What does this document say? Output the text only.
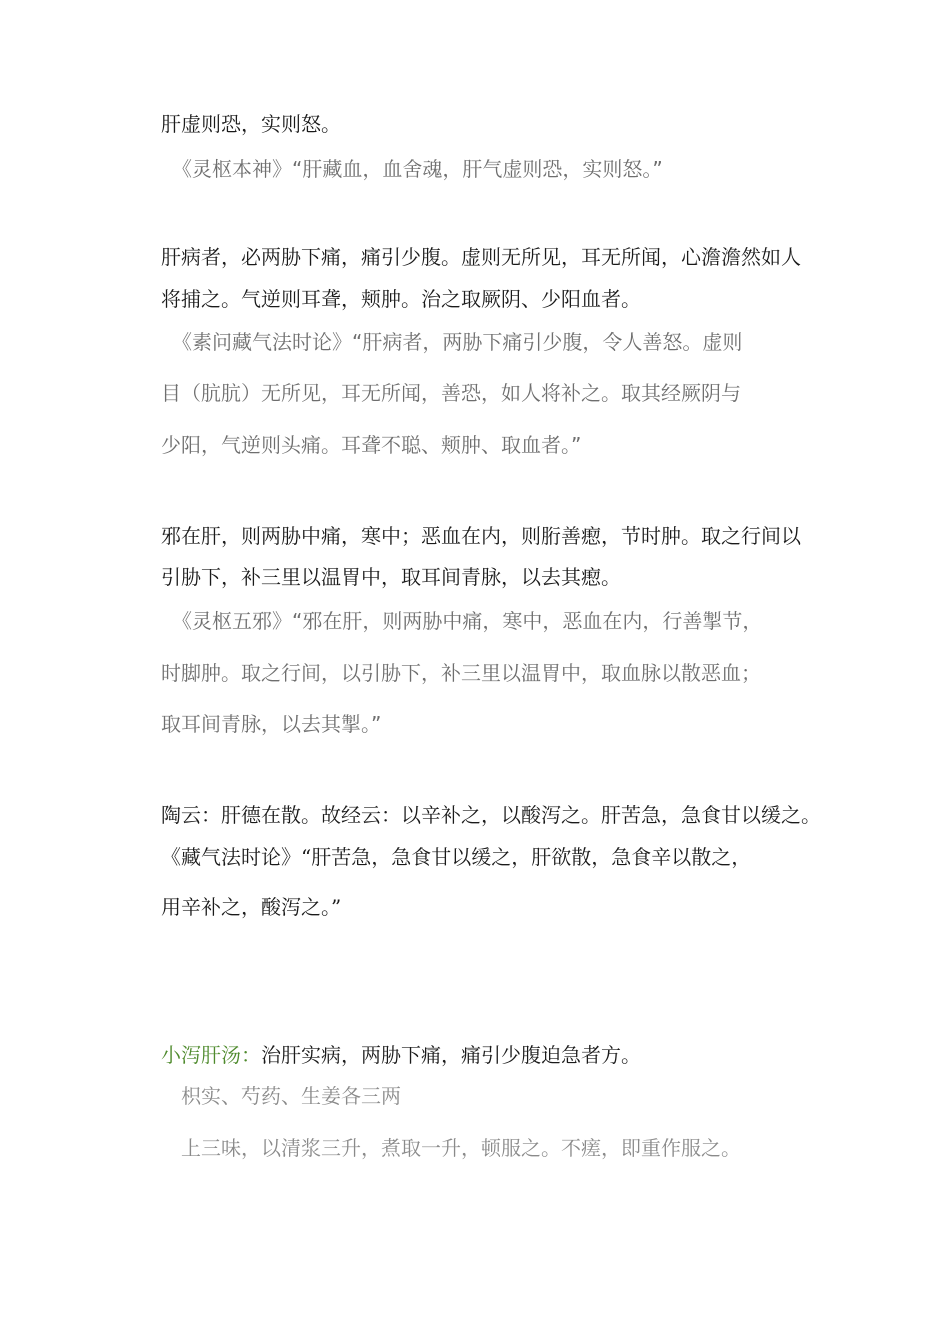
肝虚则恐，实则怒。
《灵枢本神》“肝藏血，血舍魂，肝气虚则恐，实则怒。”
肝病者，必两胁下痛，痛引少腹。虚则无所见，耳无所闻，心澹澹然如人
将捕之。气逆则耳聋，颊肿。治之取厥阴、少阳血者。
《素问藏气法时论》“肝病者，两胁下痛引少腹，令人善怒。虚则
目（肮肮）无所见，耳无所闻，善恐，如人将补之。取其经厥阴与
少阳，气逆则头痛。耳聋不聪、颊肿、取血者。”
邪在肝，则两胁中痛，寒中；恶血在内，则胻善瘛，节时肿。取之行间以
引胁下，补三里以温胃中，取耳间青脉，以去其瘛。
《灵枢五邪》“邪在肝，则两胁中痛，寒中，恶血在内，行善掣节，
时脚肿。取之行间，以引胁下，补三里以温胃中，取血脉以散恶血；
取耳间青脉，以去其掣。”
陶云：肝德在散。故经云：以辛补之，以酸泻之。肝苦急，急食甘以缓之。
《藏气法时论》“肝苦急，急食甘以缓之，肝欲散，急食辛以散之，
用辛补之，酸泻之。”
小泻肝汤：治肝实病，两胁下痛，痛引少腹迫急者方。
枳实、芍药、生姜各三两
上三味，以清浆三升，煮取一升，顿服之。不瘥，即重作服之。
